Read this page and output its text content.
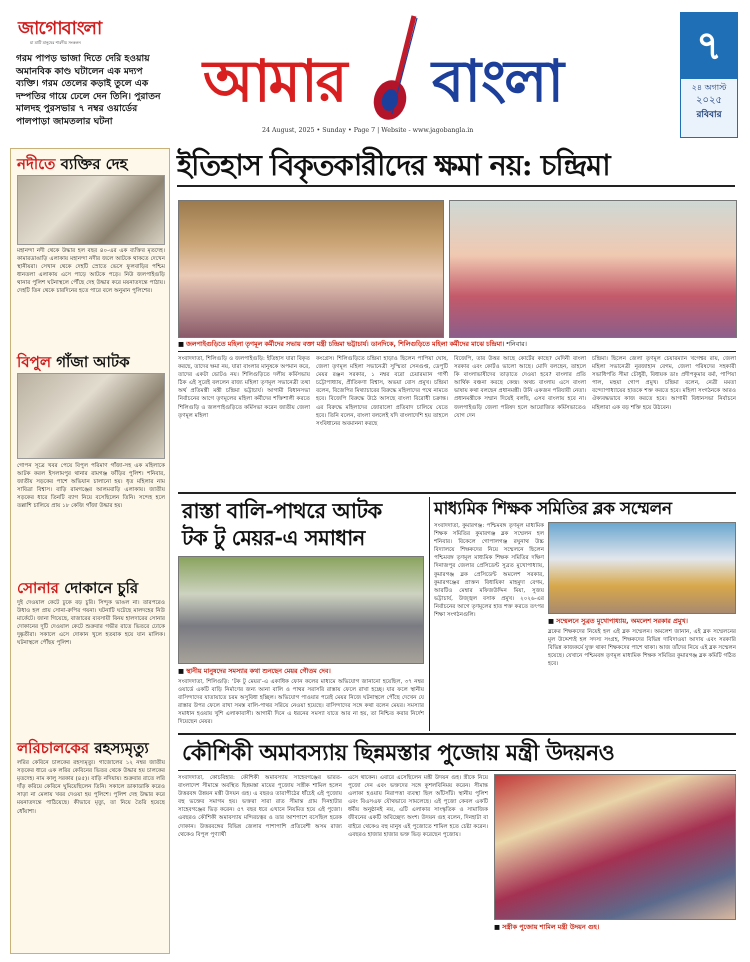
জাগোবাংলা
মা মাটি মানুষের শারদীয় সংকলন
গরম পাপড় ভাজা দিতে দেরি হওয়ায় অমানবিক কাণ্ড ঘটালেন এক মদ্যপ ব্যক্তি। গরম তেলের কড়াই তুলে এক দম্পতির গায়ে ঢেলে দেন তিনি। পুরাতন মালদহ পুরসভার ৭ নম্বর ওয়ার্ডের পালপাড়া জামতলার ঘটনা
আমার বাংলা
24 August, 2025 • Sunday • Page 7 | Website - www.jagobangla.in
৭
২৪ অগাস্ট
২০২৫
রবিবার
নদীতে ব্যক্তির দেহ
মহানন্দা নদী থেকে উদ্ধার হল বছর ৪০-এর এক ব্যক্তির মৃতদেহ। কামারডাঙাড়ি এলাকায় মহানন্দা নদীর জলে আটকে থাকতে দেখেন স্থানীয়রা। সেখান থেকে দেহটি স্রোতে ভেসে ফুলবাড়ির পশ্চিম ধানতলা এলাকায় এসে পাড়ে আটকে পড়ে। নিউ জলপাইগুড়ি থানার পুলিশ ঘটনাস্থলে পৌঁছে দেহ উদ্ধার করে ময়নাতদন্তে পাঠায়। দেহটি তিন থেকে চারদিনের হতে পারে বলে অনুমান পুলিশের।
বিপুল গাঁজা আটক
গোপন সূত্রে খবর পেয়ে বিপুল পরিমাণ গাঁজা-সহ এক মহিলাকে আটক করল ইসলামপুর থানার রামগঞ্জ ফাঁড়ির পুলিশ। শনিবার, জাতীয় সড়কের পাশে অভিযান চালানো হয়। ধৃত মহিলার নাম সাবিত্রা বিশ্বাস। বাড়ি রামগঞ্জের আলমবাড়ি এলাকায়। জাতীয় সড়কের ধারে তিনটি ব্যাগ নিয়ে বসেছিলেন তিনি। সন্দেহ হলে তল্লাশি চালিয়ে প্রায় ১৮ কেজি গাঁজা উদ্ধার হয়।
সোনার দোকানে চুরি
দুই দেওয়াল কেটে ঢুকে বড় চুরি। সিন্দুক ভাঙল না। তারপরেও উধাও হল প্রায় সোনা-রুপির গয়না। ঘটনাটি ঘটেছে মালদহের নিউ মার্কেটে। জানা গিয়েছে, বাজারের ব্যবসায়ী বিনয় হালদারের সোনার দোকানের দুটি দেওয়াল কেটে শুক্রবার গভীর রাতে ভিতরে ঢোকে দুষ্কৃতীরা। সকালে এসে দোকান খুলে হতবাক হয়ে যান মালিক। ঘটনাস্থলে পৌঁছয় পুলিশ।
লরিচালকের রহস্যমৃত্যু
লরির কেবিনে চালকের রহস্যমৃত্যু। গাজোলের ১২ নম্বর জাতীয় সড়কের ধারে এক লরির কেবিনের ভিতর থেকে উদ্ধার হয় চালকের মৃতদেহ। নাম কালু সরকার (৪৫)। বাড়ি নদিয়ায়। শুক্রবার রাতে লরি দাঁড় করিয়ে কেবিনে ঘুমিয়েছিলেন তিনি। সকালে ডাকাডাকি করেও সাড়া না মেলায় খবর দেওয়া হয় পুলিশে। পুলিশ দেহ উদ্ধার করে ময়নাতদন্তে পাঠিয়েছে। কীভাবে মৃত্যু, তা নিয়ে তৈরি হয়েছে ধোঁয়াশা।
ইতিহাস বিকৃতকারীদের ক্ষমা নয়: চন্দ্রিমা
■ জলপাইগুড়িতে মহিলা তৃণমূল কর্মীদের সভায় বক্তা মন্ত্রী চন্দ্রিমা ভট্টাচার্য। ডানদিকে, শিলিগুড়িতে মহিলা কর্মীদের মাঝে চন্দ্রিমা। শনিবার।
সংবাদদাতা, শিলিগুড়ি ও জলপাইগুড়ি: ইতিহাস যারা বিকৃত করছে, তাদের ক্ষমা নয়, যারা বাংলার মানুষকে অপমান করে, তাদের একটা ভোটও নয়। শিলিগুড়িতে দলীয় কর্মিসভায় ঠিক এই সুরেই বললেন রাজ্য মহিলা তৃণমূল সভানেত্রী তথা অর্থ প্রতিমন্ত্রী মন্ত্রী চন্দ্রিমা ভট্টাচার্য। আগামী বিধানসভা নির্বাচনের আগে তৃণমূলের মহিলা কর্মীদের শক্তিশালী করতে শিলিগুড়ি ও জলপাইগুড়িতে কর্মিসভা করেন জাতীয় জেলা তৃণমূল মহিলা
কংগ্রেস। শিলিগুড়িতে চন্দ্রিমা হাড়াও ছিলেন পাপিয়া ঘোষ, জেলা তৃণমূল মহিলা সভানেত্রী সুস্মিতা সেনগুপ্ত, ডেপুটি মেয়র রঞ্জন সরকার, ১ নম্বর বরো চেয়ারম্যান গার্গী চট্টোপাধ্যায়, প্রীতিকণা বিশ্বাস, অভয়া বোস প্রমুখ। চন্দ্রিমা বলেন, বিজেপির মিথ্যাচারের বিরুদ্ধে মহিলাদের পথে নামতে হবে। বিজেপি বিরুদ্ধে উঠে আসছে বাংলা বিরোধী চক্রান্ত। এর বিরুদ্ধে মহিলাদের জোরালো প্রতিবাদ চালিয়ে যেতে হবে। তিনি বলেন, বাংলা বললেই যদি বাংলাদেশি হয় তাহলে সংবিধানের অবমাননা করছে
বিজেপি, তার উত্তর আছে কোর্টের কাছে? মেদিনী বাংলা সরকার এবং কোর্টও ভালো আছে। মোদি বলছেন, তাহলে কি বাংলাভাষীদের তাড়াতে দেওয়া হবে? বাংলার প্রতি আর্থিক বঞ্চনা করছে কেন্দ্র। অথচ বাংলায় এসে বাংলা ভাষায় কথা বলছেন প্রধানমন্ত্রী। উনি একজন পরিযায়ী নেতা। প্রধানমন্ত্রীকে সম্মান দিয়েই বলছি, এসব বাংলায় হবে না। জলপাইগুড়ি জেলা পরিষদ হলে আয়োজিত কর্মিসভাতেও যোগ দেন
চন্দ্রিমা। ছিলেন জেলা তৃণমূল চেয়ারম্যান খগেশ্বর রায়, জেলা মহিলা সভানেত্রী নূরজাহান বেগম, জেলা পরিষদের সহকারী সভাধিপতি সীমা চৌধুরী, বিধায়ক ডাঃ প্রদীপকুমার বর্মা, পাপিয়া পাল, মহুয়া গোপ প্রমুখ। চন্দ্রিমা বলেন, নেত্রী মমতা বন্দ্যোপাধ্যায়ের হাতকে শক্ত করতে হবে। মহিলা সংগঠনকে আরও ঐক্যবদ্ধভাবে কাজ করতে হবে। আগামী বিধানসভা নির্বাচনে মহিলারা এক বড় শক্তি হয়ে উঠবেন।
রাস্তা বালি-পাথরে আটক
টক টু মেয়র-এ সমাধান
■ স্থানীয় মানুষদের সমস্যার কথা শুনছেন মেয়র গৌতম দেব।
সংবাদদাতা, শিলিগুড়ি: ‘টক টু মেয়র’-এ একাধিক ফোন কলের মাধ্যমে অভিযোগ জানানো হয়েছিল, ৩৭ নম্বর ওয়ার্ডে একটি বাড়ি নির্মাণের জন্য আনা বালি ও পাথর সরাসরি রাস্তায় ফেলে রাখা হচ্ছে। যার ফলে স্থানীয় বাসিন্দাদের যাতায়াতে চরম অসুবিধা হচ্ছিল। অভিযোগ পাওয়ার পরেই মেয়র নিজে ঘটনাস্থলে পৌঁছে দেখেন যে রাস্তার উপর ফেলে রাখা সমস্ত বালি-পাথর সরিয়ে নেওয়া হয়েছে। বাসিন্দাদের সঙ্গে কথা বলেন মেয়র। সমস্যার সমাধান হওয়ায় খুশি এলাকাবাসী। আগামী দিনে এ ধরনের সমস্যা যাতে আর না হয়, তা নিশ্চিত করার নির্দেশ দিয়েছেন মেয়র।
মাধ্যমিক শিক্ষক সমিতির ব্লক সম্মেলন
সংবাদদাতা, কুমারগঞ্জ: পশ্চিমবঙ্গ তৃণমূল মাধ্যমিক শিক্ষক সমিতির কুমারগঞ্জ ব্লক সম্মেলন হল শনিবার। বিকেলে গোপালগঞ্জ রঘুনাথ উচ্চ বিদ্যালয়ে শিক্ষকদের নিয়ে সম্মেলনে ছিলেন পশ্চিমবঙ্গ তৃণমূল মাধ্যমিক শিক্ষক সমিতির দক্ষিণ দিনাজপুর জেলার প্রেসিডেন্ট সুব্রত মুখোপাধ্যায়, কুমারগঞ্জ ব্লক প্রেসিডেন্ট অমলেশ সরকার, কুমারগঞ্জের প্রাক্তন বিধায়িকা মাহমুদা বেগম, আরটিও মেম্বার মফিজউদ্দিন মিয়া, সুজয় ভট্টাচার্য, উজ্জ্বল বসাক প্রমুখ। ২০২৬-এর নির্বাচনের আগে তৃণমূলের হাত শক্ত করতে তৎপর শিক্ষা সংগঠনগুলি।
■ সম্মেলনে সুব্রত মুখোপাধ্যায়, অমলেশ সরকার প্রমুখ।
ব্লকের শিক্ষকদের নিয়েই হল এই ব্লক সম্মেলন। অমলেশ জানান, এই ব্লক সম্মেলনের মূল উদ্দেশ্যই হল সদস্য সংগ্রহ, শিক্ষকদের বিভিন্ন দাবিদাওয়া আদায় এবং সরকারি বিভিন্ন কাজকর্মে যুক্ত থাকা শিক্ষকদের পাশে থাকা। আজ তাঁদের নিয়ে এই ব্লক সম্মেলন হয়েছে। যেখানে পশ্চিমবঙ্গ তৃণমূল মাধ্যমিক শিক্ষক সমিতির কুমারগঞ্জ ব্লক কমিটি গঠিত হবে।
কৌশিকী অমাবস্যায় ছিন্নমস্তার পুজোয় মন্ত্রী উদয়নও
সংবাদদাতা, কোচবিহার: কৌশিকী অমাবস্যায় সাহেবগঞ্জের ভারত-বাংলাদেশ সীমান্তে অবস্থিত ছিন্নমস্তা মায়ের পুজোয় সস্ত্রীক শামিল হলেন উত্তরবঙ্গ উন্নয়ন মন্ত্রী উদয়ন গুহ। এ বছরও তারাপীঠের ধাঁচেই এই পুজোয় বহু ভক্তের সমাগম হয়। ভক্তরা সারা রাত সীমান্ত গ্রাম দিনহাটার সাহেবগঞ্জের ভিড় করেন। ৫৭ বছর ধরে এখানে নিয়মিত হয়ে এই পুজো। এবছরও কৌশিকী অমাবস্যায় মন্দিরচত্বর ও তার আশপাশে বসেছিল হরেক দোকান। উত্তরবঙ্গের বিভিন্ন জেলার পাশাপাশি প্রতিবেশী অসম রাজ্য থেকেও বিপুল পুণ্যার্থী
এসে থাকেন। এবারে এসেছিলেন মন্ত্রী উদয়ন গুহ। স্ত্রীকে নিয়ে পুজো দেন এবং ভক্তদের সঙ্গে কুশলবিনিময় করেন। সীমান্ত এলাকা হওয়ায় নিরাপত্তা ব্যবস্থা ছিল আঁটসাঁট। স্থানীয় পুলিশ এবং বিএসএফ যৌথভাবে সামলেছে। এই পুজো কেবল একটি ধর্মীয় অনুষ্ঠানই নয়, এটি এলাকার সাংস্কৃতিক ও সামাজিক জীবনের একটি অবিচ্ছেদ্য অংশ। উদয়ন গুহ বলেন, দিনহাটা বা বাইরে থেকেও বহু মানুষ এই পুজোতে শামিল হতে চেষ্টা করেন। এবছরও হাজার হাজার ভক্ত ভিড় করেছেন পুজোয়।
■ সস্ত্রীক পুজোয় শামিল মন্ত্রী উদয়ন গুহ।
